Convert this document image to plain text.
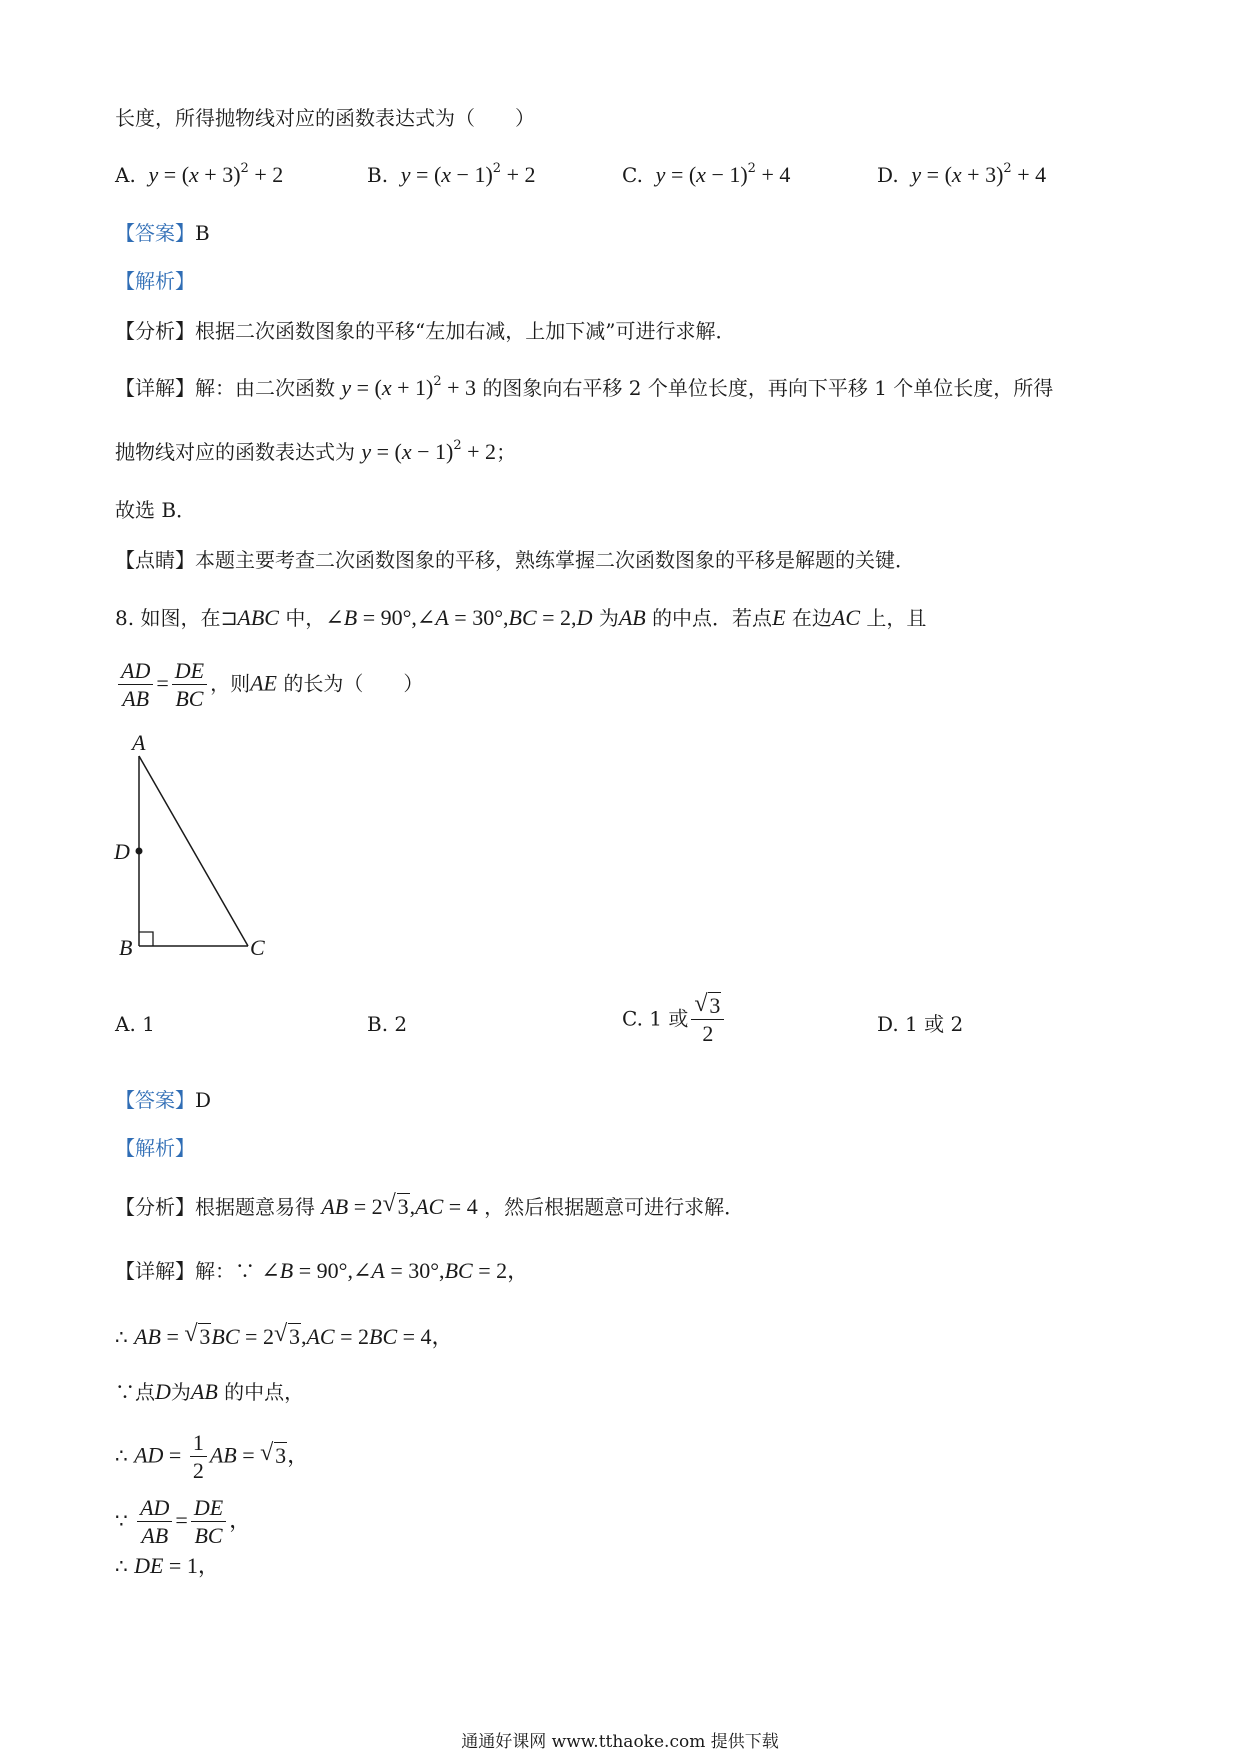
长度，所得抛物线对应的函数表达式为（　　）
A. $y = (x + 3)^2 + 2$	B. $y = (x - 1)^2 + 2$	C. $y = (x - 1)^2 + 4$	D. $y = (x + 3)^2 + 4$
【答案】B
【解析】
【分析】根据二次函数图象的平移“左加右减，上加下减”可进行求解．
【详解】解：由二次函数 $y = (x + 1)^2 + 3$ 的图象向右平移 2 个单位长度，再向下平移 1 个单位长度，所得
抛物线对应的函数表达式为 $y = (x - 1)^2 + 2$；
故选 B．
【点睛】本题主要考查二次函数图象的平移，熟练掌握二次函数图象的平移是解题的关键．
8. 如图，在⊐ABC 中，∠B = 90°,∠A = 30°,BC = 2,D 为AB 的中点．若点E 在边AC 上，且
$\frac{AD}{AB} = \frac{DE}{BC}$ ，则AE 的长为（　　）
A
D
B	C
A. 1	B. 2	C. 1 或 √ $\frac{3}{2}$	D. 1 或 2
【答案】D
【解析】
【分析】根据题意易得 AB = 2 √ 3,AC = 4 ，然后根据题意可进行求解．
【详解】解：∵ ∠B = 90°,∠A = 30°,BC = 2，
∴ AB = √ 3BC = 2 √ 3,AC = 2BC = 4，
∵点D为AB 的中点，
∴ AD = $\frac{1}{2}$ AB = √ 3，
∵ $\frac{AD}{AB} = \frac{DE}{BC}$ ，
∴ DE = 1，
通通好课网 www.tthaoke.com 提供下载
